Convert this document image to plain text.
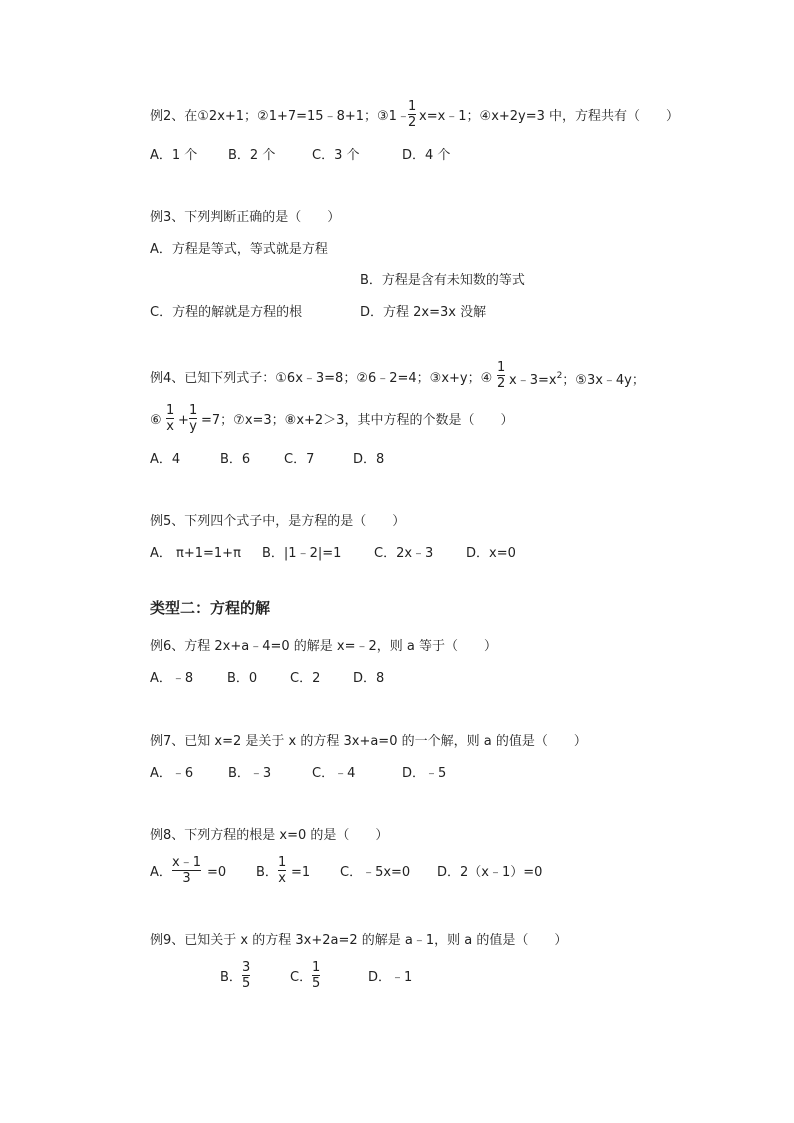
例2、在①2x+1；②1+7=15﹣8+1；③1﹣
1
2 x=x﹣1；④x+2y=3 中，方程共有（　　）
A．1 个 B．2 个	C．3 个	D．4 个
例3、下列判断正确的是（　　）
A．方程是等式，等式就是方程
B．方程是含有未知数的等式
C．方程的解就是方程的根	D．方程 2x=3x 没解
例4、已知下列式子：①6x﹣3=8；②6﹣2=4；③x+y；④
1
2 $x﹣3=x^2$；⑤3x﹣4y；
⑥
1
x +
1
y =7；⑦x=3；⑧x+2＞3，其中方程的个数是（　　）
A．4	B．6	C．7	D．8
例5、下列四个式子中，是方程的是（　　）
A． π+1=1+π B．|1﹣2|=1	C．2x﹣3	D．x=0
类型二：方程的解
例6、方程 2x+a﹣4=0 的解是 x=﹣2，则 a 等于（　　）
A．﹣8	B．0	C．2	D．8
例7、已知 x=2 是关于 x 的方程 3x+a=0 的一个解，则 a 的值是（　　）
A．﹣6	B．﹣3	C．﹣4	D．﹣5
例8、下列方程的根是 x=0 的是（　　）
A．
x﹣1
3	=0 B．
1
x =1 C．﹣5x=0 D．2（x﹣1）=0
例9、已知关于 x 的方程 3x+2a=2 的解是 a﹣1，则 a 的值是（　　）
B．
3
5	C．
1
5	D．﹣1
